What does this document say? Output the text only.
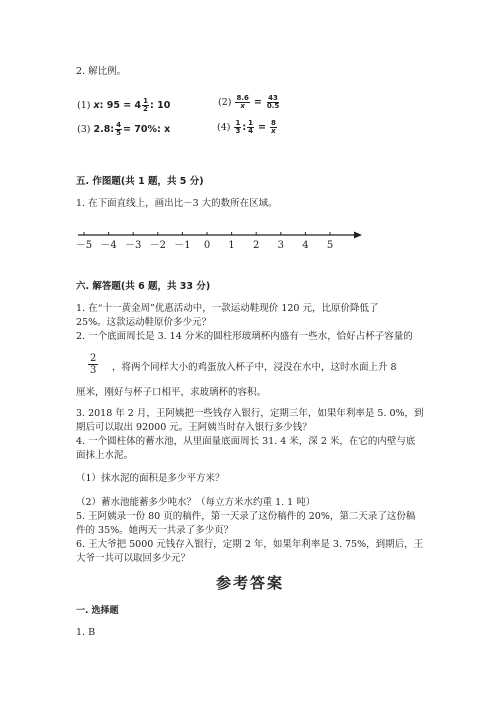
2. 解比例。
(1) x : $95 = 4 \frac{1}{2}$ : 10	$(2) \frac{8.6}{x} = \frac{43}{0.5}$
(3) 2.8: $\frac{4}{5} = 70\%$: x	$(4) \frac{1}{3}$ : $\frac{1}{4} = \frac{8}{x}$
五. 作图题(共 1 题，共 5 分)
1. 在下面直线上，画出比－3 大的数所在区域。
－5 －4 －3 －2 －1 0 1 2 3 4 5
六. 解答题(共 6 题，共 33 分)
1. 在“十一黄金周”优惠活动中，一款运动鞋现价 120 元，比原价降低了
25%。这款运动鞋原价多少元？
2. 一个底面周长是 3. 14 分米的圆柱形玻璃杯内盛有一些水，恰好占杯子容量的
$\frac{2}{3}$ ，将两个同样大小的鸡蛋放入杯子中，浸没在水中，这时水面上升 8
厘米，刚好与杯子口相平，求玻璃杯的容积。
3. 2018 年 2 月，王阿姨把一些钱存入银行，定期三年，如果年利率是 5. 0%，到
期后可以取出 92000 元。王阿姨当时存入银行多少钱？
4. 一个圆柱体的蓄水池，从里面量底面周长 31. 4 米，深 2 米，在它的内壁与底
面抹上水泥。
（1）抹水泥的面积是多少平方米？
（2）蓄水池能蓄多少吨水？（每立方米水约重 1. 1 吨）
5. 王阿姨录一份 80 页的稿件，第一天录了这份稿件的 20%，第二天录了这份稿
件的 35%。她两天一共录了多少页？
6. 王大爷把 5000 元钱存入银行，定期 2 年，如果年利率是 3. 75%，到期后，王
大爷一共可以取回多少元？
参考答案
一. 选择题
1. B
